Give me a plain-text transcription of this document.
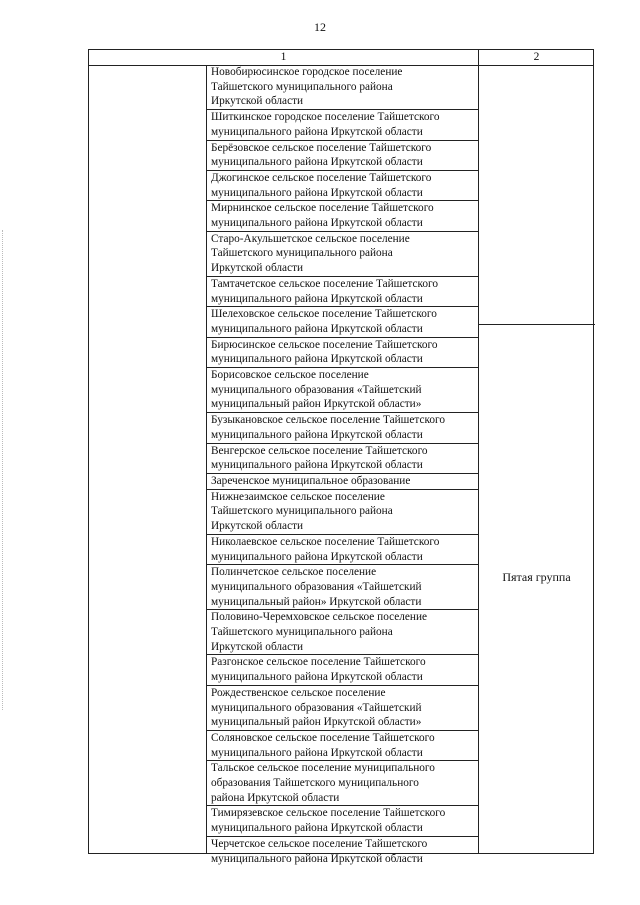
12
1	2
Новобирюсинское городское поселение
Тайшетского муниципального района
Иркутской области
Шиткинское городское поселение Тайшетского
муниципального района Иркутской области
Берёзовское сельское поселение Тайшетского
муниципального района Иркутской области
Джогинское сельское поселение Тайшетского
муниципального района Иркутской области
Мирнинское сельское поселение Тайшетского
муниципального района Иркутской области
Старо-Акульшетское сельское поселение
Тайшетского муниципального района
Иркутской области
Тамтачетское сельское поселение Тайшетского
муниципального района Иркутской области
Шелеховское сельское поселение Тайшетского
муниципального района Иркутской области
Бирюсинское сельское поселение Тайшетского
муниципального района Иркутской области
Борисовское сельское поселение
муниципального образования «Тайшетский
муниципальный район Иркутской области»
Бузыкановское сельское поселение Тайшетского
муниципального района Иркутской области
Венгерское сельское поселение Тайшетского
муниципального района Иркутской области
Зареченское муниципальное образование
Нижнезаимское сельское поселение
Тайшетского муниципального района
Иркутской области
Николаевское сельское поселение Тайшетского
муниципального района Иркутской области
Полинчетское сельское поселение
муниципального образования «Тайшетский
муниципальный район» Иркутской области
Половино-Черемховское сельское поселение
Тайшетского муниципального района
Иркутской области
Разгонское сельское поселение Тайшетского
муниципального района Иркутской области
Рождественское сельское поселение
муниципального образования «Тайшетский
муниципальный район Иркутской области»
Соляновское сельское поселение Тайшетского
муниципального района Иркутской области
Тальское сельское поселение муниципального
образования Тайшетского муниципального
района Иркутской области
Тимирязевское сельское поселение Тайшетского
муниципального района Иркутской области
Черчетское сельское поселение Тайшетского
муниципального района Иркутской области
Пятая группа
